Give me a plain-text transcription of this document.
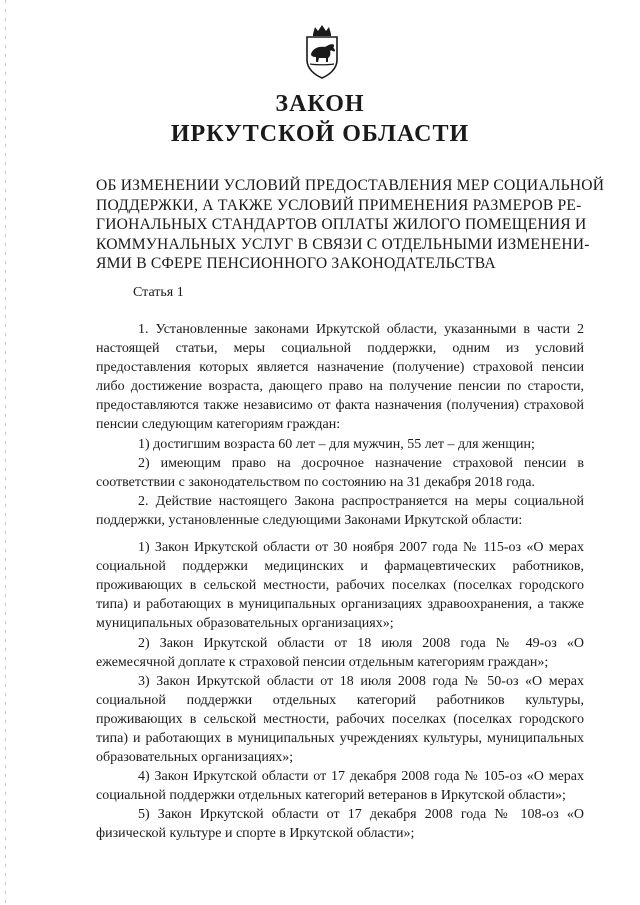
ЗАКОН
ИРКУТСКОЙ ОБЛАСТИ
ОБ ИЗМЕНЕНИИ УСЛОВИЙ ПРЕДОСТАВЛЕНИЯ МЕР СОЦИАЛЬНОЙ
ПОДДЕРЖКИ, А ТАКЖЕ УСЛОВИЙ ПРИМЕНЕНИЯ РАЗМЕРОВ РЕ-
ГИОНАЛЬНЫХ СТАНДАРТОВ ОПЛАТЫ ЖИЛОГО ПОМЕЩЕНИЯ И
КОММУНАЛЬНЫХ УСЛУГ В СВЯЗИ С ОТДЕЛЬНЫМИ ИЗМЕНЕНИ-
ЯМИ В СФЕРЕ ПЕНСИОННОГО ЗАКОНОДАТЕЛЬСТВА
Статья 1

1. Установленные законами Иркутской области, указанными в части 2 настоящей статьи, меры социальной поддержки, одним из условий предоставления которых является назначение (получение) страховой пенсии либо достижение возраста, дающего право на получение пенсии по старости, предоставляются также независимо от факта назначения (получения) страховой пенсии следующим категориям граждан:

1) достигшим возраста 60 лет – для мужчин, 55 лет – для женщин;

2) имеющим право на досрочное назначение страховой пенсии в соответствии с законодательством по состоянию на 31 декабря 2018 года.

2. Действие настоящего Закона распространяется на меры социальной поддержки, установленные следующими Законами Иркутской области:

1) Закон Иркутской области от 30 ноября 2007 года № 115-оз «О мерах социальной поддержки медицинских и фармацевтических работников, проживающих в сельской местности, рабочих поселках (поселках городского типа) и работающих в муниципальных организациях здравоохранения, а также муниципальных образовательных организациях»;

2) Закон Иркутской области от 18 июля 2008 года № 49-оз «О ежемесячной доплате к страховой пенсии отдельным категориям граждан»;

3) Закон Иркутской области от 18 июля 2008 года № 50-оз «О мерах социальной поддержки отдельных категорий работников культуры, проживающих в сельской местности, рабочих поселках (поселках городского типа) и работающих в муниципальных учреждениях культуры, муниципальных образовательных организациях»;

4) Закон Иркутской области от 17 декабря 2008 года № 105-оз «О мерах социальной поддержки отдельных категорий ветеранов в Иркутской области»;

5) Закон Иркутской области от 17 декабря 2008 года № 108-оз «О физической культуре и спорте в Иркутской области»;
